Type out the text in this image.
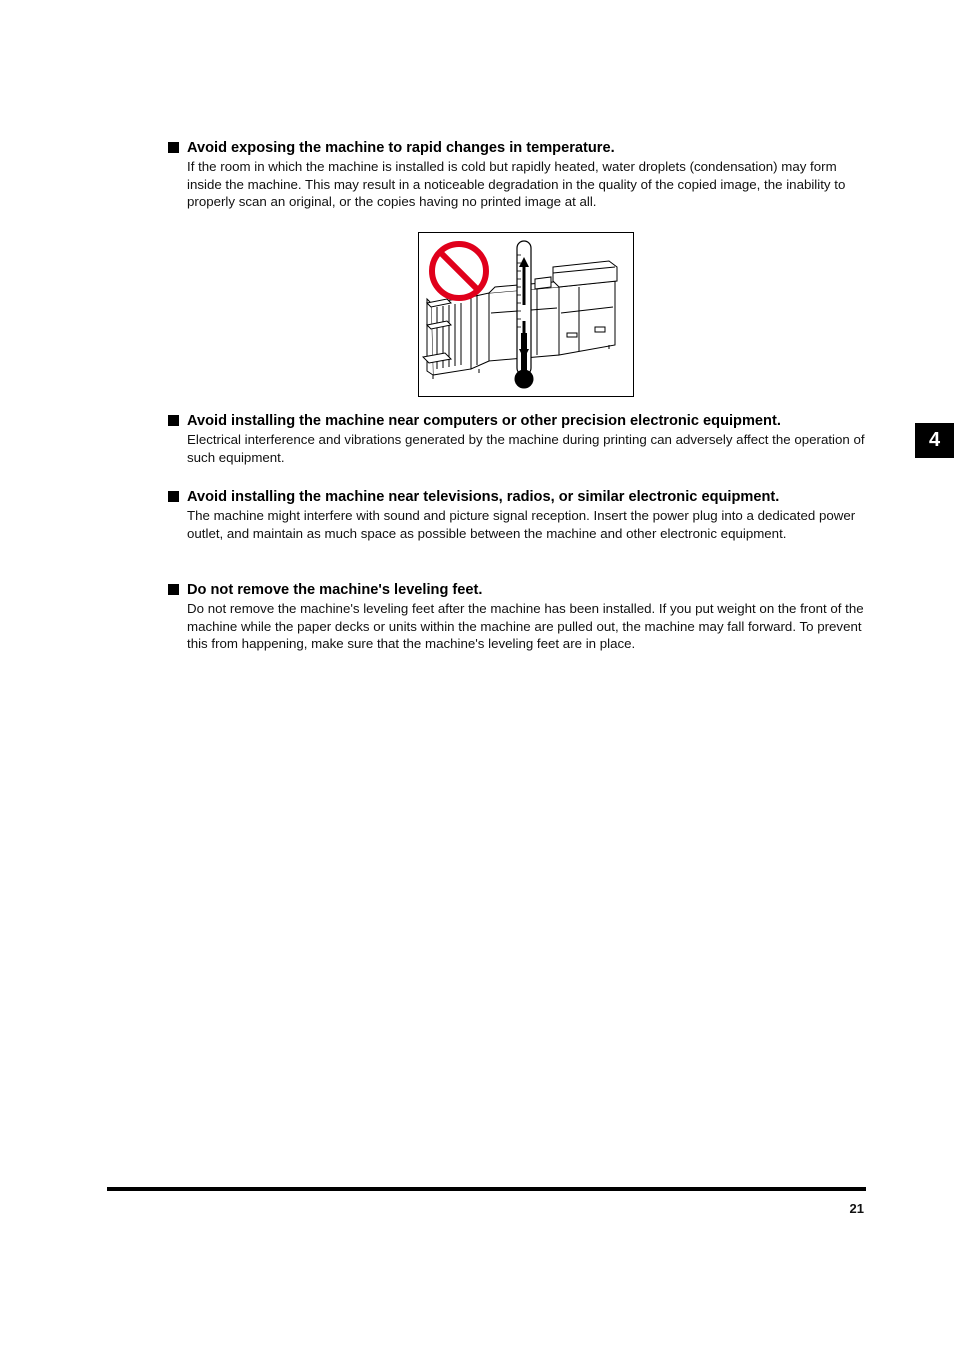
Avoid exposing the machine to rapid changes in temperature.
If the room in which the machine is installed is cold but rapidly heated, water droplets (condensation) may form inside the machine. This may result in a noticeable degradation in the quality of the copied image, the inability to properly scan an original, or the copies having no printed image at all.
Avoid installing the machine near computers or other precision electronic equipment.
Electrical interference and vibrations generated by the machine during printing can adversely affect the operation of such equipment.
Avoid installing the machine near televisions, radios, or similar electronic equipment.
The machine might interfere with sound and picture signal reception. Insert the power plug into a dedicated power outlet, and maintain as much space as possible between the machine and other electronic equipment.
Do not remove the machine's leveling feet.
Do not remove the machine's leveling feet after the machine has been installed. If you put weight on the front of the machine while the paper decks or units within the machine are pulled out, the machine may fall forward. To prevent this from happening, make sure that the machine's leveling feet are in place.
4
21
